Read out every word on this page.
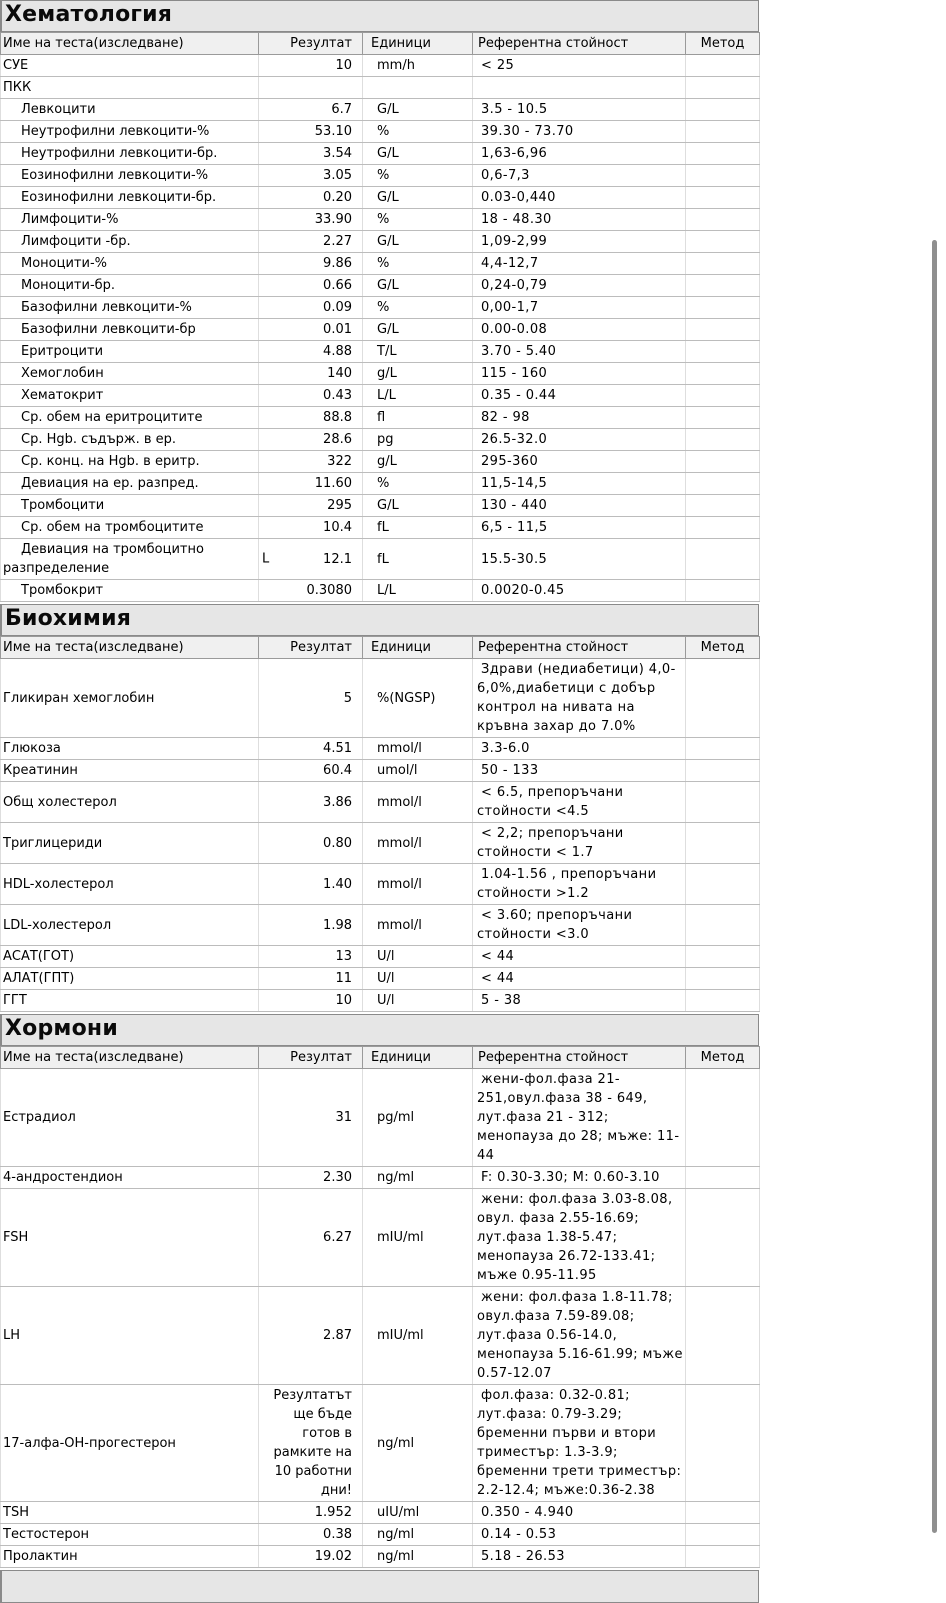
Хематология
Име на теста(изследване)	Резултат	Единици	Референтна стойност	Метод
СУЕ	10	mm/h	< 25	
ПКК				
Левкоцити	6.7	G/L	3.5 - 10.5	
Неутрофилни левкоцити-%	53.10	%	39.30 - 73.70	
Неутрофилни левкоцити-бр.	3.54	G/L	1,63-6,96	
Еозинофилни левкоцити-%	3.05	%	0,6-7,3	
Еозинофилни левкоцити-бр.	0.20	G/L	0.03-0,440	
Лимфоцити-%	33.90	%	18 - 48.30	
Лимфоцити -бр.	2.27	G/L	1,09-2,99	
Моноцити-%	9.86	%	4,4-12,7	
Моноцити-бр.	0.66	G/L	0,24-0,79	
Базофилни левкоцити-%	0.09	%	0,00-1,7	
Базофилни левкоцити-бр	0.01	G/L	0.00-0.08	
Еритроцити	4.88	T/L	3.70 - 5.40	
Хемоглобин	140	g/L	115 - 160	
Хематокрит	0.43	L/L	0.35 - 0.44	
Ср. обем на еритроцитите	88.8	fl	82 - 98	
Ср. Hgb. съдърж. в ер.	28.6	pg	26.5-32.0	
Ср. конц. на Hgb. в еритр.	322	g/L	295-360	
Девиация на ер. разпред.	11.60	%	11,5-14,5	
Тромбоцити	295	G/L	130 - 440	
Ср. обем на тромбоцитите	10.4	fL	6,5 - 11,5	
Девиация на тромбоцитно разпределение	L 12.1	fL	15.5-30.5	
Тромбокрит	0.3080	L/L	0.0020-0.45	
Биохимия
Име на теста(изследване)	Резултат	Единици	Референтна стойност	Метод
Гликиран хемоглобин	5	%(NGSP)	Здрави (недиабетици) 4,0-6,0%,диабетици с добър контрол на нивата на кръвна захар до 7.0%	
Глюкоза	4.51	mmol/l	3.3-6.0	
Креатинин	60.4	umol/l	50 - 133	
Общ холестерол	3.86	mmol/l	< 6.5, препоръчани стойности <4.5	
Триглицериди	0.80	mmol/l	< 2,2; препоръчани стойности < 1.7	
HDL-холестерол	1.40	mmol/l	1.04-1.56 , препоръчани стойности >1.2	
LDL-холестерол	1.98	mmol/l	< 3.60; препоръчани стойности <3.0	
АСАТ(ГОТ)	13	U/l	< 44	
АЛАТ(ГПТ)	11	U/l	< 44	
ГГТ	10	U/l	5 - 38	
Хормони
Име на теста(изследване)	Резултат	Единици	Референтна стойност	Метод
Естрадиол	31	pg/ml	жени-фол.фаза 21-251,овул.фаза 38 - 649, лут.фаза 21 - 312; менопауза до 28; мъже: 11-44	
4-андростендион	2.30	ng/ml	F: 0.30-3.30; M: 0.60-3.10	
FSH	6.27	mIU/ml	жени: фол.фаза 3.03-8.08, овул. фаза 2.55-16.69; лут.фаза 1.38-5.47; менопауза 26.72-133.41; мъже 0.95-11.95	
LH	2.87	mIU/ml	жени: фол.фаза 1.8-11.78; овул.фаза 7.59-89.08; лут.фаза 0.56-14.0, менопауза 5.16-61.99; мъже 0.57-12.07	
17-алфа-ОН-прогестерон	Резултатът ще бъде готов в рамките на 10 работни дни!	ng/ml	фол.фаза: 0.32-0.81; лут.фаза: 0.79-3.29; бременни първи и втори триместър: 1.3-3.9; бременни трети триместър: 2.2-12.4; мъже:0.36-2.38	
TSH	1.952	uIU/ml	0.350 - 4.940	
Тестостерон	0.38	ng/ml	0.14 - 0.53	
Пролактин	19.02	ng/ml	5.18 - 26.53	
